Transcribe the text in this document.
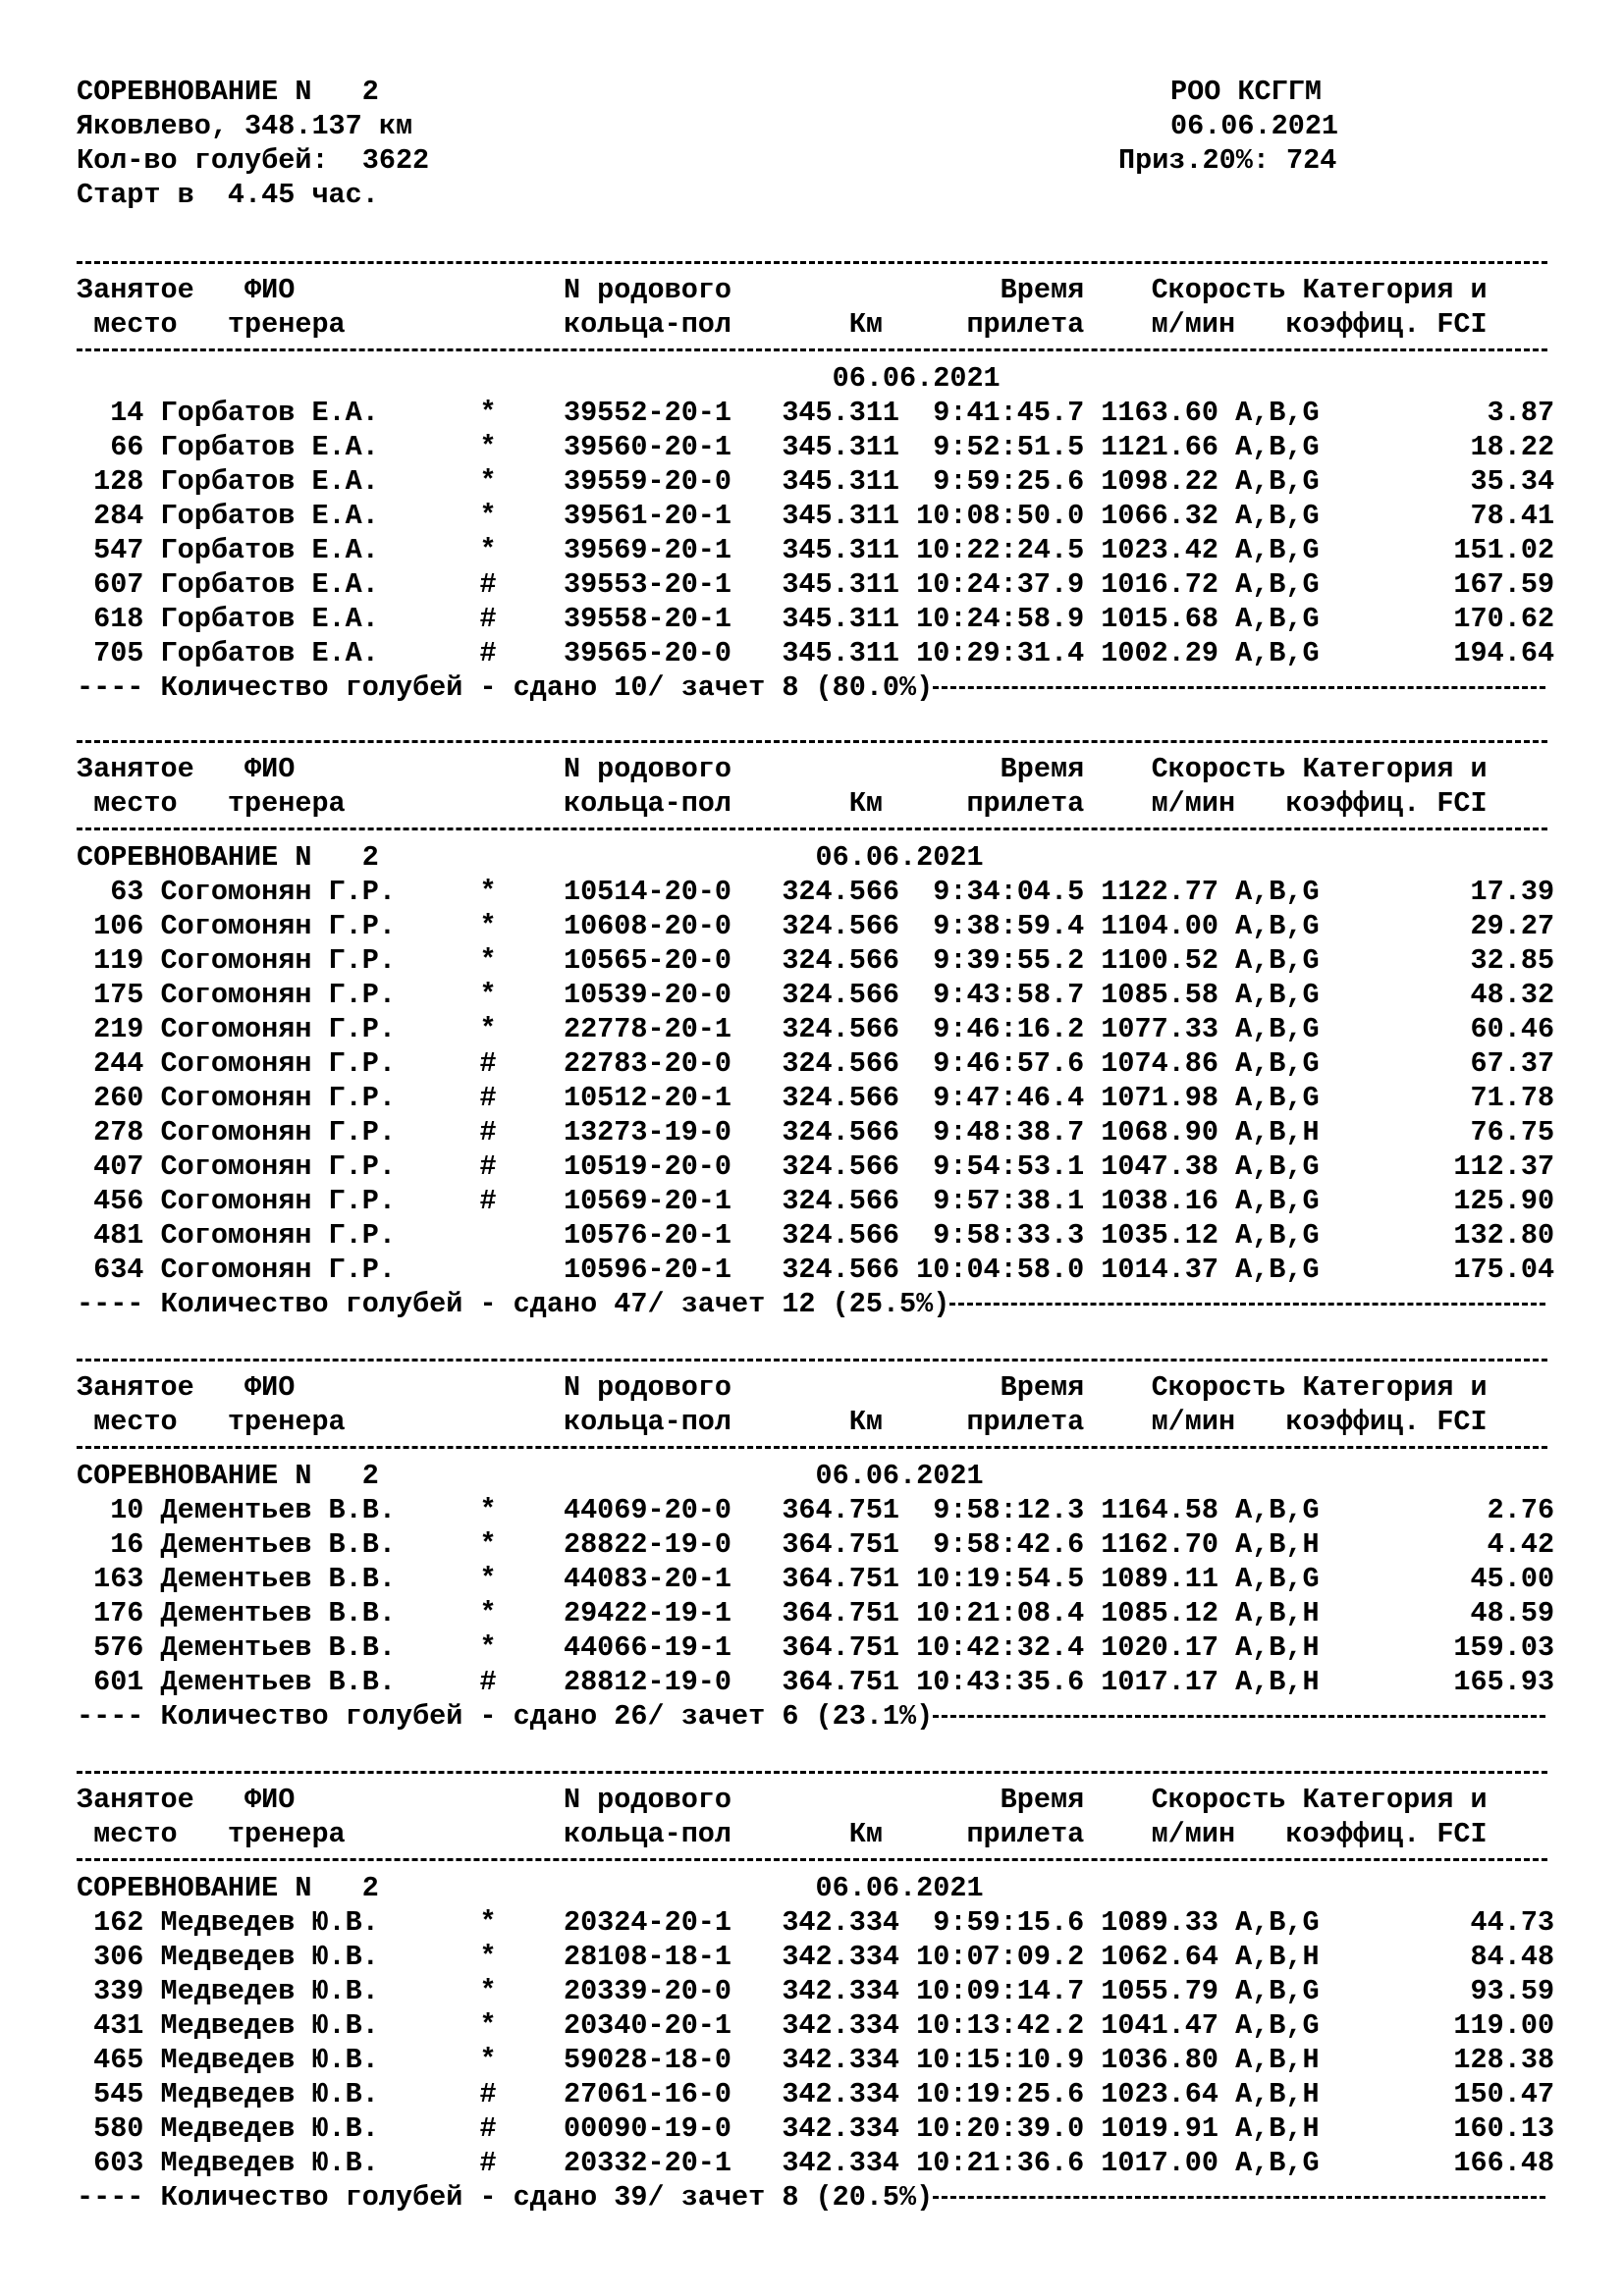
СОРЕВНОВАНИЕ N   2
Яковлево, 348.137 км
Кол-во голубей:  3622
Старт в  4.45 час.
РОО КСГГМ
06.06.2021
Приз.20%: 724
Занятое   ФИО                N родового                Время    Скорость Категория и
место   тренера             кольца-пол       Км     прилета    м/мин   коэффиц. FCI
06.06.2021
14 Горбатов Е.А.      *    39552-20-1   345.311  9:41:45.7 1163.60 A,B,G          3.87
66 Горбатов Е.А.      *    39560-20-1   345.311  9:52:51.5 1121.66 A,B,G         18.22
128 Горбатов Е.А.      *    39559-20-0   345.311  9:59:25.6 1098.22 A,B,G         35.34
284 Горбатов Е.А.      *    39561-20-1   345.311 10:08:50.0 1066.32 A,B,G         78.41
547 Горбатов Е.А.      *    39569-20-1   345.311 10:22:24.5 1023.42 A,B,G        151.02
607 Горбатов Е.А.      #    39553-20-1   345.311 10:24:37.9 1016.72 A,B,G        167.59
618 Горбатов Е.А.      #    39558-20-1   345.311 10:24:58.9 1015.68 A,B,G        170.62
705 Горбатов Е.А.      #    39565-20-0   345.311 10:29:31.4 1002.29 A,B,G        194.64
---- Количество голубей - сдано 10/ зачет 8 (80.0%)
Занятое   ФИО                N родового                Время    Скорость Категория и
место   тренера             кольца-пол       Км     прилета    м/мин   коэффиц. FCI
СОРЕВНОВАНИЕ N   2                          06.06.2021
63 Согомонян Г.Р.     *    10514-20-0   324.566  9:34:04.5 1122.77 A,B,G         17.39
106 Согомонян Г.Р.     *    10608-20-0   324.566  9:38:59.4 1104.00 A,B,G         29.27
119 Согомонян Г.Р.     *    10565-20-0   324.566  9:39:55.2 1100.52 A,B,G         32.85
175 Согомонян Г.Р.     *    10539-20-0   324.566  9:43:58.7 1085.58 A,B,G         48.32
219 Согомонян Г.Р.     *    22778-20-1   324.566  9:46:16.2 1077.33 A,B,G         60.46
244 Согомонян Г.Р.     #    22783-20-0   324.566  9:46:57.6 1074.86 A,B,G         67.37
260 Согомонян Г.Р.     #    10512-20-1   324.566  9:47:46.4 1071.98 A,B,G         71.78
278 Согомонян Г.Р.     #    13273-19-0   324.566  9:48:38.7 1068.90 A,B,H         76.75
407 Согомонян Г.Р.     #    10519-20-0   324.566  9:54:53.1 1047.38 A,B,G        112.37
456 Согомонян Г.Р.     #    10569-20-1   324.566  9:57:38.1 1038.16 A,B,G        125.90
481 Согомонян Г.Р.          10576-20-1   324.566  9:58:33.3 1035.12 A,B,G        132.80
634 Согомонян Г.Р.          10596-20-1   324.566 10:04:58.0 1014.37 A,B,G        175.04
---- Количество голубей - сдано 47/ зачет 12 (25.5%)
Занятое   ФИО                N родового                Время    Скорость Категория и
место   тренера             кольца-пол       Км     прилета    м/мин   коэффиц. FCI
СОРЕВНОВАНИЕ N   2                          06.06.2021
10 Дементьев В.В.     *    44069-20-0   364.751  9:58:12.3 1164.58 A,B,G          2.76
16 Дементьев В.В.     *    28822-19-0   364.751  9:58:42.6 1162.70 A,B,H          4.42
163 Дементьев В.В.     *    44083-20-1   364.751 10:19:54.5 1089.11 A,B,G         45.00
176 Дементьев В.В.     *    29422-19-1   364.751 10:21:08.4 1085.12 A,B,H         48.59
576 Дементьев В.В.     *    44066-19-1   364.751 10:42:32.4 1020.17 A,B,H        159.03
601 Дементьев В.В.     #    28812-19-0   364.751 10:43:35.6 1017.17 A,B,H        165.93
---- Количество голубей - сдано 26/ зачет 6 (23.1%)
Занятое   ФИО                N родового                Время    Скорость Категория и
место   тренера             кольца-пол       Км     прилета    м/мин   коэффиц. FCI
СОРЕВНОВАНИЕ N   2                          06.06.2021
162 Медведев Ю.В.      *    20324-20-1   342.334  9:59:15.6 1089.33 A,B,G         44.73
306 Медведев Ю.В.      *    28108-18-1   342.334 10:07:09.2 1062.64 A,B,H         84.48
339 Медведев Ю.В.      *    20339-20-0   342.334 10:09:14.7 1055.79 A,B,G         93.59
431 Медведев Ю.В.      *    20340-20-1   342.334 10:13:42.2 1041.47 A,B,G        119.00
465 Медведев Ю.В.      *    59028-18-0   342.334 10:15:10.9 1036.80 A,B,H        128.38
545 Медведев Ю.В.      #    27061-16-0   342.334 10:19:25.6 1023.64 A,B,H        150.47
580 Медведев Ю.В.      #    00090-19-0   342.334 10:20:39.0 1019.91 A,B,H        160.13
603 Медведев Ю.В.      #    20332-20-1   342.334 10:21:36.6 1017.00 A,B,G        166.48
---- Количество голубей - сдано 39/ зачет 8 (20.5%)
